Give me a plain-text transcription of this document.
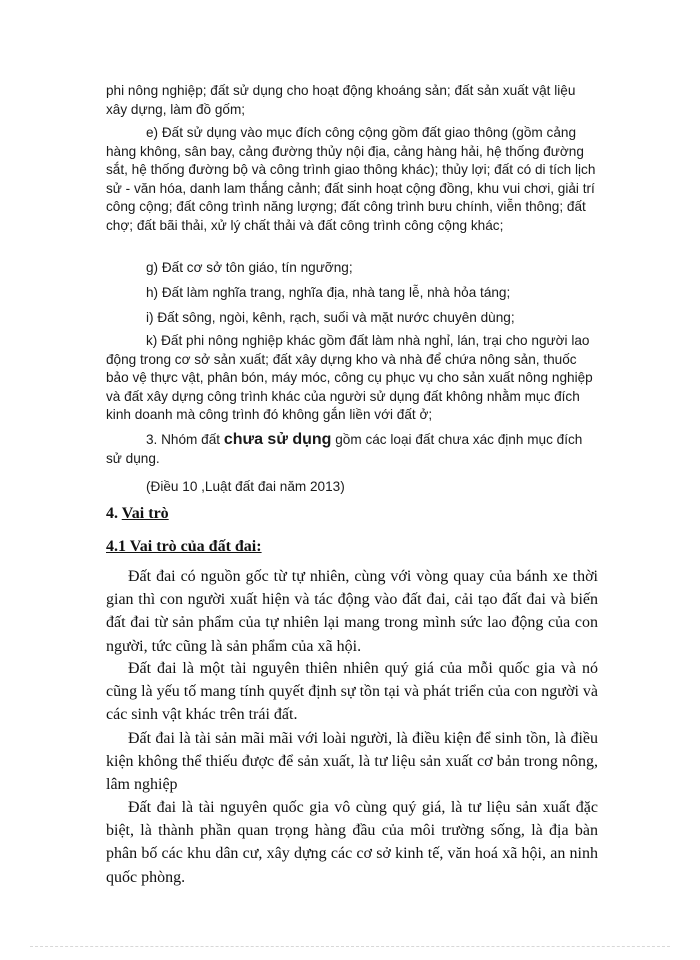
phi nông nghiệp; đất sử dụng cho hoạt động khoáng sản; đất sản xuất vật liệu xây dựng, làm đồ gốm;

e) Đất sử dụng vào mục đích công cộng gồm đất giao thông (gồm cảng hàng không, sân bay, cảng đường thủy nội địa, cảng hàng hải, hệ thống đường sắt, hệ thống đường bộ và công trình giao thông khác); thủy lợi; đất có di tích lịch sử - văn hóa, danh lam thắng cảnh; đất sinh hoạt cộng đồng, khu vui chơi, giải trí công cộng; đất công trình năng lượng; đất công trình bưu chính, viễn thông; đất chợ; đất bãi thải, xử lý chất thải và đất công trình công cộng khác;

g) Đất cơ sở tôn giáo, tín ngưỡng;

h) Đất làm nghĩa trang, nghĩa địa, nhà tang lễ, nhà hỏa táng;

i) Đất sông, ngòi, kênh, rạch, suối và mặt nước chuyên dùng;

k) Đất phi nông nghiệp khác gồm đất làm nhà nghỉ, lán, trại cho người lao động trong cơ sở sản xuất; đất xây dựng kho và nhà để chứa nông sản, thuốc bảo vệ thực vật, phân bón, máy móc, công cụ phục vụ cho sản xuất nông nghiệp và đất xây dựng công trình khác của người sử dụng đất không nhằm mục đích kinh doanh mà công trình đó không gắn liền với đất ở;

3. Nhóm đất chưa sử dụng gồm các loại đất chưa xác định mục đích sử dụng.

(Điều 10 ,Luật đất đai năm 2013)

4. Vai trò
4.1 Vai trò của đất đai:

Đất đai có nguồn gốc từ tự nhiên, cùng với vòng quay của bánh xe thời gian thì con người xuất hiện và tác động vào đất đai, cải tạo đất đai và biến đất đai từ sản phẩm của tự nhiên lại mang trong mình sức lao động của con người, tức cũng là sản phẩm của xã hội.

Đất đai là một tài nguyên thiên nhiên quý giá của mỗi quốc gia và nó cũng là yếu tố mang tính quyết định sự tồn tại và phát triển của con người và các sinh vật khác trên trái đất.

Đất đai là tài sản mãi mãi với loài người, là điều kiện để sinh tồn, là điều kiện không thể thiếu được để sản xuất, là tư liệu sản xuất cơ bản trong nông, lâm nghiệp

Đất đai là tài nguyên quốc gia vô cùng quý giá, là tư liệu sản xuất đặc biệt, là thành phần quan trọng hàng đầu của môi trường sống, là địa bàn phân bố các khu dân cư, xây dựng các cơ sở kinh tế, văn hoá xã hội, an ninh quốc phòng.
